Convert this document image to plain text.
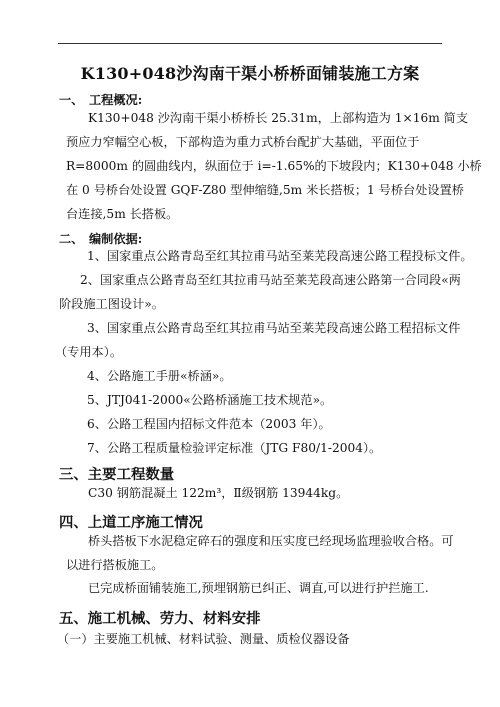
K130+048沙沟南干渠小桥桥面铺装施工方案
一、 工程概况:
K130+048 沙沟南干渠小桥桥长 25.31m，上部构造为 1×16m 简支
预应力窄幅空心板，下部构造为重力式桥台配扩大基础，平面位于
R=8000m 的圆曲线内，纵面位于 i=-1.65%的下坡段内；K130+048 小桥
在 0 号桥台处设置 GQF-Z80 型伸缩缝,5m 米长搭板；1 号桥台处设置桥
台连接,5m 长搭板。
二、 编制依据:
1、国家重点公路青岛至红其拉甫马站至莱芜段高速公路工程投标文件。
2、国家重点公路青岛至红其拉甫马站至莱芜段高速公路第一合同段«两
阶段施工图设计»。
3、国家重点公路青岛至红其拉甫马站至莱芜段高速公路工程招标文件
（专用本）。
4、公路施工手册«桥涵»。
5、JTJ041-2000«公路桥涵施工技术规范»。
6、公路工程国内招标文件范本（2003 年）。
7、公路工程质量检验评定标准（JTG F80/1-2004）。
三、主要工程数量
C30 钢筋混凝土 122m³，Ⅱ级钢筋 13944kg。
四、上道工序施工情况
桥头搭板下水泥稳定碎石的强度和压实度已经现场监理验收合格。可
以进行搭板施工。
已完成桥面铺装施工,预埋钢筋已纠正、调直,可以进行护拦施工.
五、施工机械、劳力、材料安排
（一）主要施工机械、材料试验、测量、质检仪器设备
